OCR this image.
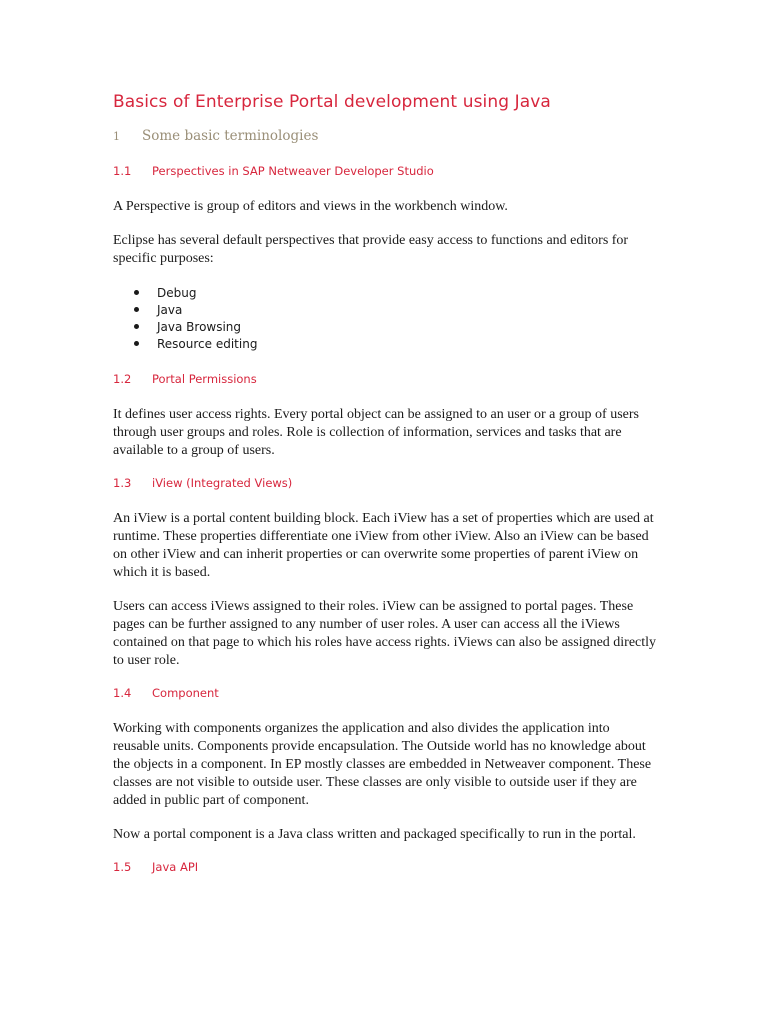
Basics of Enterprise Portal development using Java
1	Some basic terminologies
1.1	Perspectives in SAP Netweaver Developer Studio

A Perspective is group of editors and views in the workbench window.

Eclipse has several default perspectives that provide easy access to functions and editors for specific purposes:

Debug
Java
Java Browsing
Resource editing
1.2	Portal Permissions

It defines user access rights. Every portal object can be assigned to an user or a group of users through user groups and roles. Role is collection of information, services and tasks that are available to a group of users.

1.3	iView (Integrated Views)

An iView is a portal content building block. Each iView has a set of properties which are used at runtime. These properties differentiate one iView from other iView. Also an iView can be based on other iView and can inherit properties or can overwrite some properties of parent iView on which it is based.

Users can access iViews assigned to their roles. iView can be assigned to portal pages. These pages can be further assigned to any number of user roles. A user can access all the iViews contained on that page to which his roles have access rights. iViews can also be assigned directly to user role.

1.4	Component

Working with components organizes the application and also divides the application into reusable units. Components provide encapsulation. The Outside world has no knowledge about the objects in a component. In EP mostly classes are embedded in Netweaver component. These classes are not visible to outside user. These classes are only visible to outside user if they are added in public part of component.

Now a portal component is a Java class written and packaged specifically to run in the portal.

1.5	Java API
